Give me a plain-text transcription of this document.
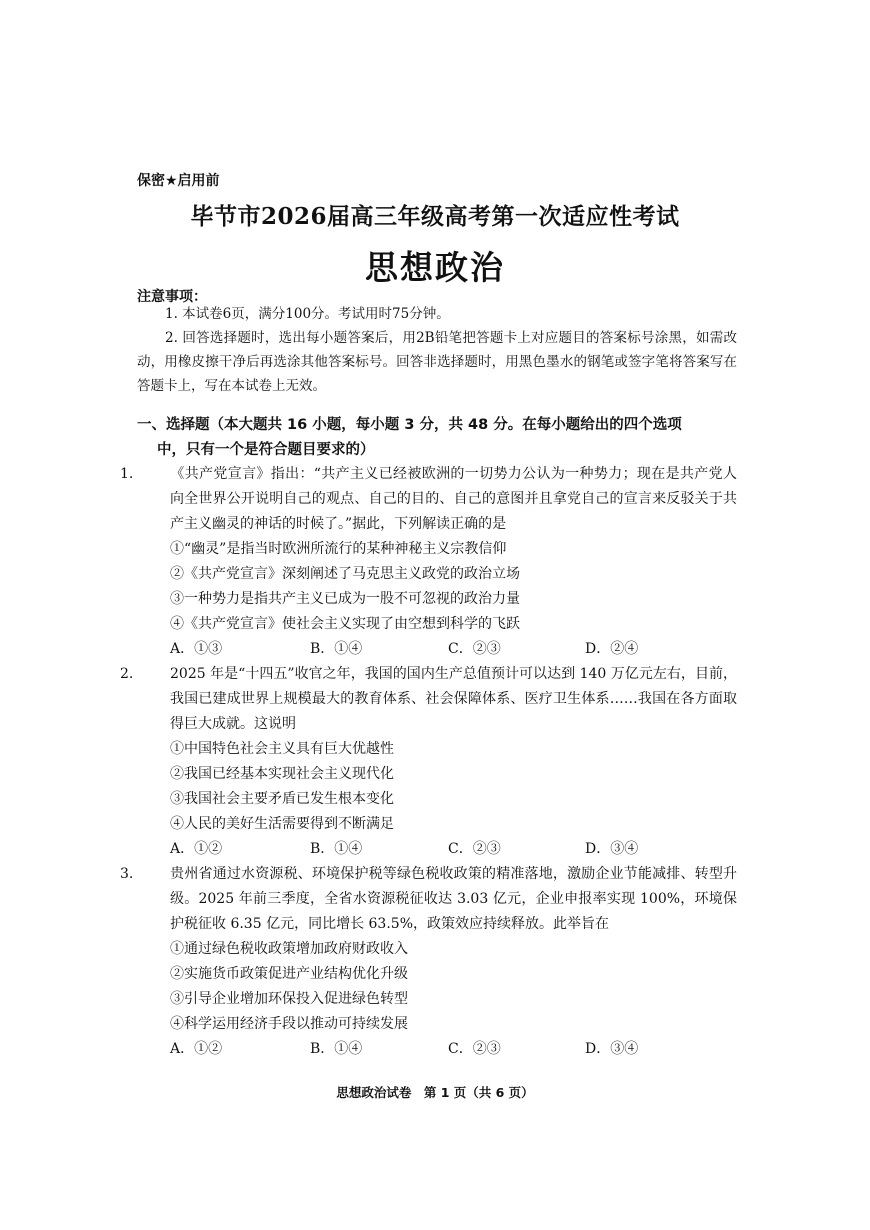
保密★启用前
毕节市2026届高三年级高考第一次适应性考试
思想政治
注意事项：
1. 本试卷6页，满分100分。考试用时75分钟。
2. 回答选择题时，选出每小题答案后，用2B铅笔把答题卡上对应题目的答案标号涂黑，如需改动，用橡皮擦干净后再选涂其他答案标号。回答非选择题时，用黑色墨水的钢笔或签字笔将答案写在答题卡上，写在本试卷上无效。
一、选择题（本大题共 16 小题，每小题 3 分，共 48 分。在每小题给出的四个选项
中，只有一个是符合题目要求的）
1.	《共产党宣言》指出：“共产主义已经被欧洲的一切势力公认为一种势力；现在是共产党人向全世界公开说明自己的观点、自己的目的、自己的意图并且拿党自己的宣言来反驳关于共产主义幽灵的神话的时候了。”据此，下列解读正确的是
①“幽灵”是指当时欧洲所流行的某种神秘主义宗教信仰
②《共产党宣言》深刻阐述了马克思主义政党的政治立场
③一种势力是指共产主义已成为一股不可忽视的政治力量
④《共产党宣言》使社会主义实现了由空想到科学的飞跃
A．①③	B．①④	C．②③	D．②④
2.	2025 年是“十四五”收官之年，我国的国内生产总值预计可以达到 140 万亿元左右，目前，我国已建成世界上规模最大的教育体系、社会保障体系、医疗卫生体系……我国在各方面取得巨大成就。这说明
①中国特色社会主义具有巨大优越性
②我国已经基本实现社会主义现代化
③我国社会主要矛盾已发生根本变化
④人民的美好生活需要得到不断满足
A．①②	B．①④	C．②③	D．③④
3.	贵州省通过水资源税、环境保护税等绿色税收政策的精准落地，激励企业节能减排、转型升级。2025 年前三季度，全省水资源税征收达 3.03 亿元，企业申报率实现 100%，环境保护税征收 6.35 亿元，同比增长 63.5%，政策效应持续释放。此举旨在
①通过绿色税收政策增加政府财政收入
②实施货币政策促进产业结构优化升级
③引导企业增加环保投入促进绿色转型
④科学运用经济手段以推动可持续发展
A．①②	B．①④	C．②③	D．③④
思想政治试卷　第 1 页（共 6 页）
